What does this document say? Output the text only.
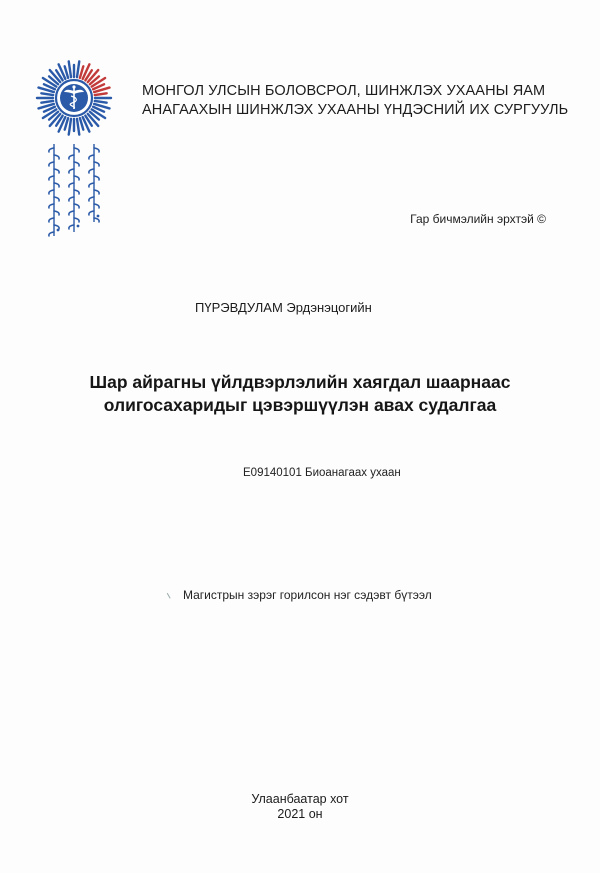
МОНГОЛ УЛСЫН БОЛОВСРОЛ, ШИНЖЛЭХ УХААНЫ ЯАМ
АНАГААХЫН ШИНЖЛЭХ УХААНЫ ҮНДЭСНИЙ ИХ СУРГУУЛЬ
Гар бичмэлийн эрхтэй ©
ПҮРЭВДУЛАМ Эрдэнэцогийн
Шар айрагны үйлдвэрлэлийн хаягдал шаарнаас
олигосахаридыг цэвэршүүлэн авах судалгаа
E09140101 Биоанагаах ухаан
Магистрын зэрэг горилсон нэг сэдэвт бүтээл
Улаанбаатар хот
2021 он
